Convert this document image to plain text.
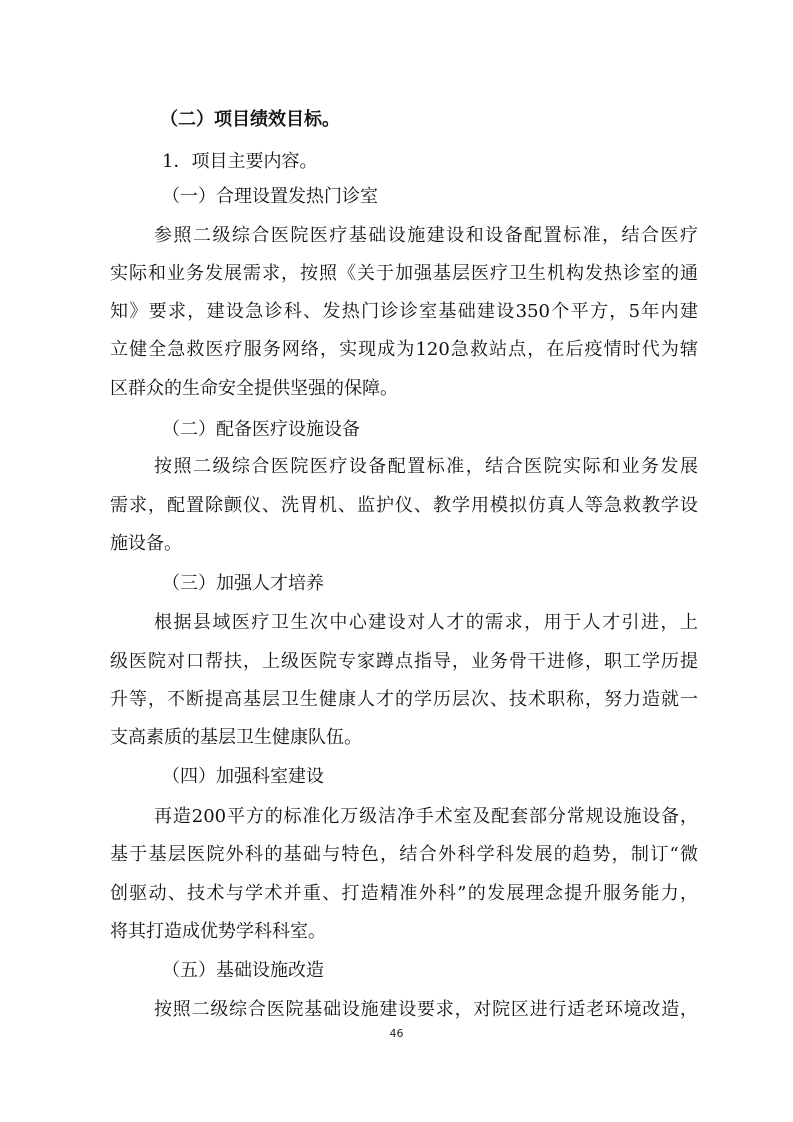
（二）项目绩效目标。
1．项目主要内容。
（一）合理设置发热门诊室
参照二级综合医院医疗基础设施建设和设备配置标准，结合医疗
实际和业务发展需求，按照《关于加强基层医疗卫生机构发热诊室的通
知》要求，建设急诊科、发热门诊诊室基础建设350个平方，5年内建
立健全急救医疗服务网络，实现成为120急救站点，在后疫情时代为辖
区群众的生命安全提供坚强的保障。
（二）配备医疗设施设备
按照二级综合医院医疗设备配置标准，结合医院实际和业务发展
需求，配置除颤仪、洗胃机、监护仪、教学用模拟仿真人等急救教学设
施设备。
（三）加强人才培养
根据县域医疗卫生次中心建设对人才的需求，用于人才引进，上
级医院对口帮扶，上级医院专家蹲点指导，业务骨干进修，职工学历提
升等，不断提高基层卫生健康人才的学历层次、技术职称，努力造就一
支高素质的基层卫生健康队伍。
（四）加强科室建设
再造200平方的标准化万级洁净手术室及配套部分常规设施设备，
基于基层医院外科的基础与特色，结合外科学科发展的趋势，制订“微
创驱动、技术与学术并重、打造精准外科”的发展理念提升服务能力，
将其打造成优势学科科室。
（五）基础设施改造
按照二级综合医院基础设施建设要求，对院区进行适老环境改造，
46
